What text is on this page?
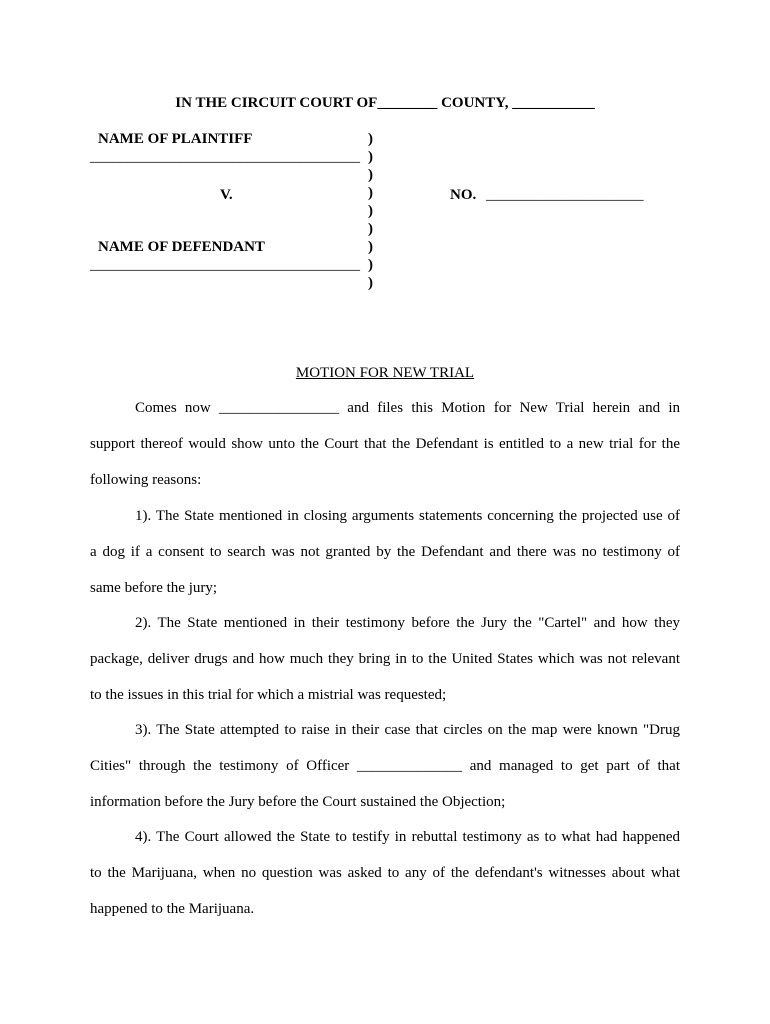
IN THE CIRCUIT COURT OF________ COUNTY, ___________
NAME OF PLAINTIFF
____________________________________
V.
NAME OF DEFENDANT
____________________________________
)
)
)
)
)
)
)
)
)
NO. _____________________
MOTION FOR NEW TRIAL
Comes now ________________ and files this Motion for New Trial herein and in
support thereof would show unto the Court that the Defendant is entitled to a new trial for the
following reasons:
1). The State mentioned in closing arguments statements concerning the projected use of
a dog if a consent to search was not granted by the Defendant and there was no testimony of
same before the jury;
2). The State mentioned in their testimony before the Jury the "Cartel" and how they
package, deliver drugs and how much they bring in to the United States which was not relevant
to the issues in this trial for which a mistrial was requested;
3). The State attempted to raise in their case that circles on the map were known "Drug
Cities" through the testimony of Officer ______________ and managed to get part of that
information before the Jury before the Court sustained the Objection;
4). The Court allowed the State to testify in rebuttal testimony as to what had happened
to the Marijuana, when no question was asked to any of the defendant's witnesses about what
happened to the Marijuana.
